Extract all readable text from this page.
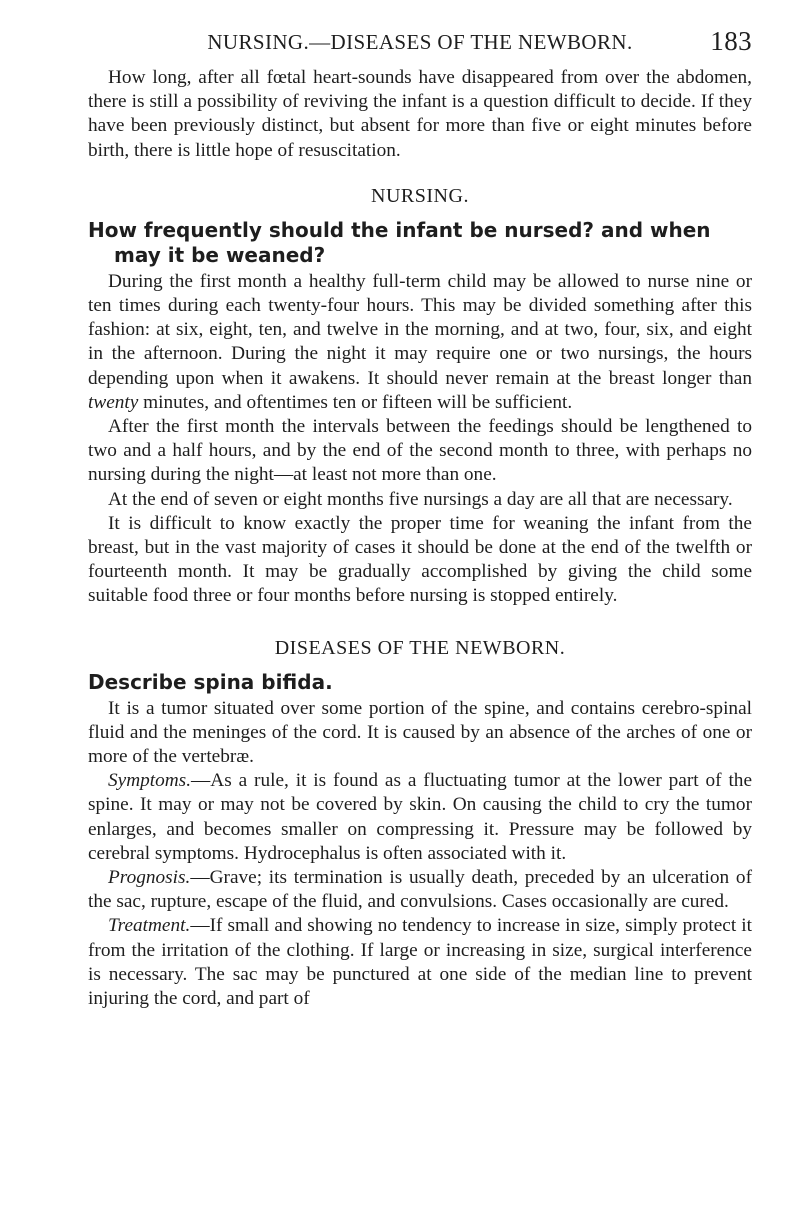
NURSING.—DISEASES OF THE NEWBORN.	183

How long, after all fœtal heart-sounds have disappeared from over the abdomen, there is still a possibility of reviving the infant is a question difficult to decide. If they have been previously distinct, but absent for more than five or eight minutes before birth, there is little hope of resuscitation.

NURSING.
How frequently should the infant be nursed? and when may it be weaned?

During the first month a healthy full-term child may be allowed to nurse nine or ten times during each twenty-four hours. This may be divided something after this fashion: at six, eight, ten, and twelve in the morning, and at two, four, six, and eight in the afternoon. During the night it may require one or two nursings, the hours depending upon when it awakens. It should never remain at the breast longer than twenty minutes, and oftentimes ten or fifteen will be sufficient.

After the first month the intervals between the feedings should be lengthened to two and a half hours, and by the end of the second month to three, with perhaps no nursing during the night—at least not more than one.

At the end of seven or eight months five nursings a day are all that are necessary.

It is difficult to know exactly the proper time for weaning the infant from the breast, but in the vast majority of cases it should be done at the end of the twelfth or fourteenth month. It may be gradually accomplished by giving the child some suitable food three or four months before nursing is stopped entirely.

DISEASES OF THE NEWBORN.
Describe spina bifida.

It is a tumor situated over some portion of the spine, and contains cerebro-spinal fluid and the meninges of the cord. It is caused by an absence of the arches of one or more of the vertebræ.

Symptoms.—As a rule, it is found as a fluctuating tumor at the lower part of the spine. It may or may not be covered by skin. On causing the child to cry the tumor enlarges, and becomes smaller on compressing it. Pressure may be followed by cerebral symptoms. Hydrocephalus is often associated with it.

Prognosis.—Grave; its termination is usually death, preceded by an ulceration of the sac, rupture, escape of the fluid, and convulsions. Cases occasionally are cured.

Treatment.—If small and showing no tendency to increase in size, simply protect it from the irritation of the clothing. If large or increasing in size, surgical interference is necessary. The sac may be punctured at one side of the median line to prevent injuring the cord, and part of
